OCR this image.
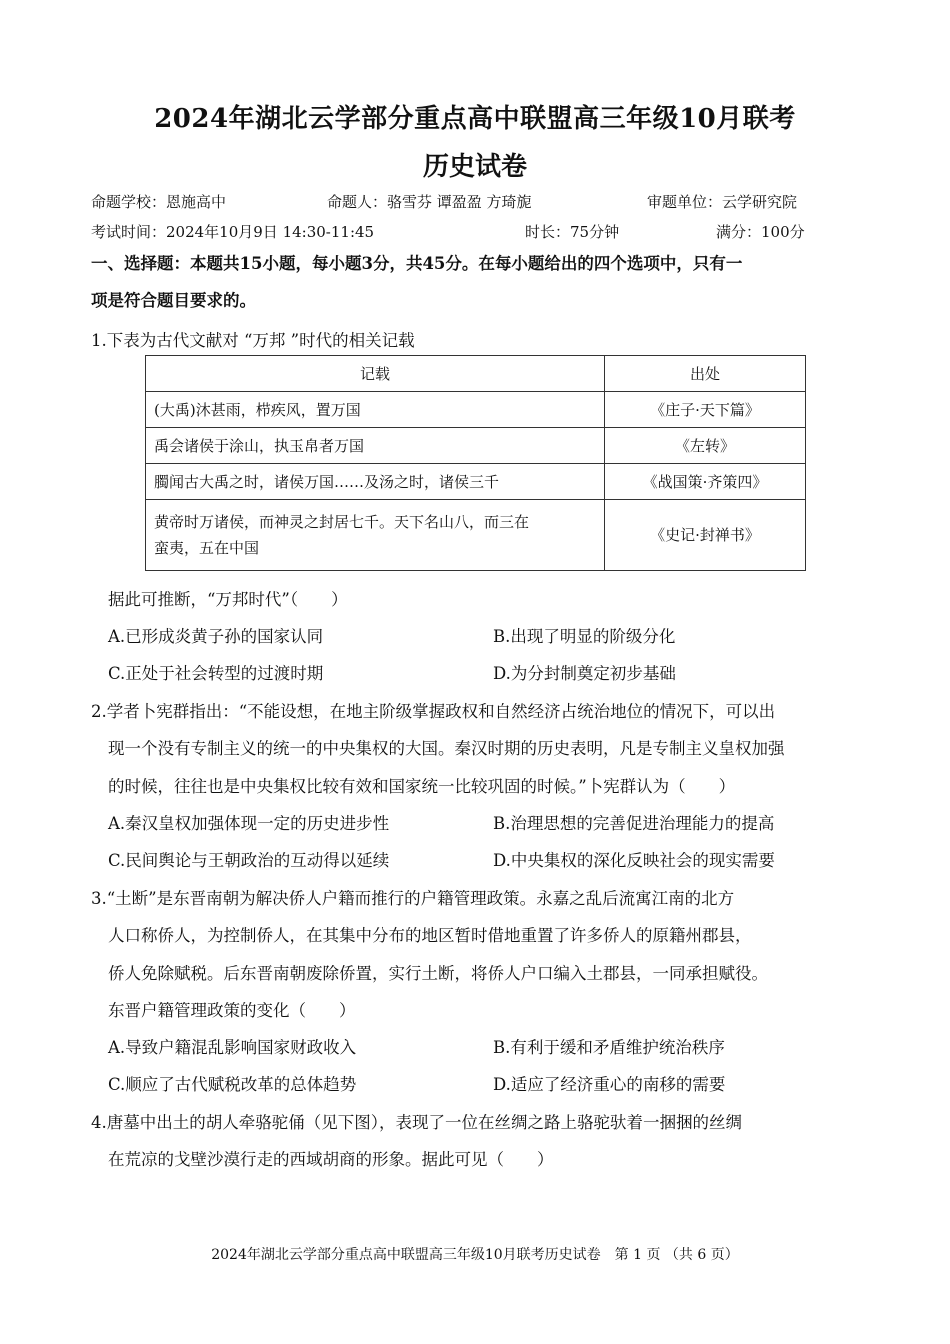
2024年湖北云学部分重点高中联盟高三年级10月联考
历史试卷
命题学校：恩施高中	命题人：骆雪芬 谭盈盈 方琦旎	审题单位：云学研究院
考试时间：2024年10月9日 14:30-11:45	时长：75分钟	满分：100分
一、选择题：本题共15小题，每小题3分，共45分。在每小题给出的四个选项中，只有一
项是符合题目要求的。
1.下表为古代文献对 “万邦 ”时代的相关记载
记载	出处
(大禹)沐甚雨，栉疾风，置万国	《庄子·天下篇》
禹会诸侯于涂山，执玉帛者万国	《左转》
臅闻古大禹之时，诸侯万国……及汤之时，诸侯三千	《战国策·齐策四》

黄帝时万诸侯，而神灵之封居七千。天下名山八，而三在
蛮夷，五在中国	《史记·封禅书》
据此可推断，“万邦时代”（　　）
A.已形成炎黄子孙的国家认同	B.出现了明显的阶级分化
C.正处于社会转型的过渡时期	D.为分封制奠定初步基础
2.学者卜宪群指出：“不能设想，在地主阶级掌握政权和自然经济占统治地位的情况下，可以出
现一个没有专制主义的统一的中央集权的大国。秦汉时期的历史表明，凡是专制主义皇权加强
的时候，往往也是中央集权比较有效和国家统一比较巩固的时候。”卜宪群认为（　　）
A.秦汉皇权加强体现一定的历史进步性	B.治理思想的完善促进治理能力的提高
C.民间舆论与王朝政治的互动得以延续	D.中央集权的深化反映社会的现实需要
3.“土断”是东晋南朝为解决侨人户籍而推行的户籍管理政策。永嘉之乱后流寓江南的北方
人口称侨人，为控制侨人，在其集中分布的地区暂时借地重置了许多侨人的原籍州郡县，
侨人免除赋税。后东晋南朝废除侨置，实行土断，将侨人户口编入土郡县，一同承担赋役。
东晋户籍管理政策的变化（　　）
A.导致户籍混乱影响国家财政收入	B.有利于缓和矛盾维护统治秩序
C.顺应了古代赋税改革的总体趋势	D.适应了经济重心的南移的需要
4.唐墓中出土的胡人牵骆驼俑（见下图），表现了一位在丝绸之路上骆驼驮着一捆捆的丝绸
在荒凉的戈壁沙漠行走的西域胡商的形象。据此可见（　　）
2024年湖北云学部分重点高中联盟高三年级10月联考历史试卷　第 1 页 （共 6 页）
